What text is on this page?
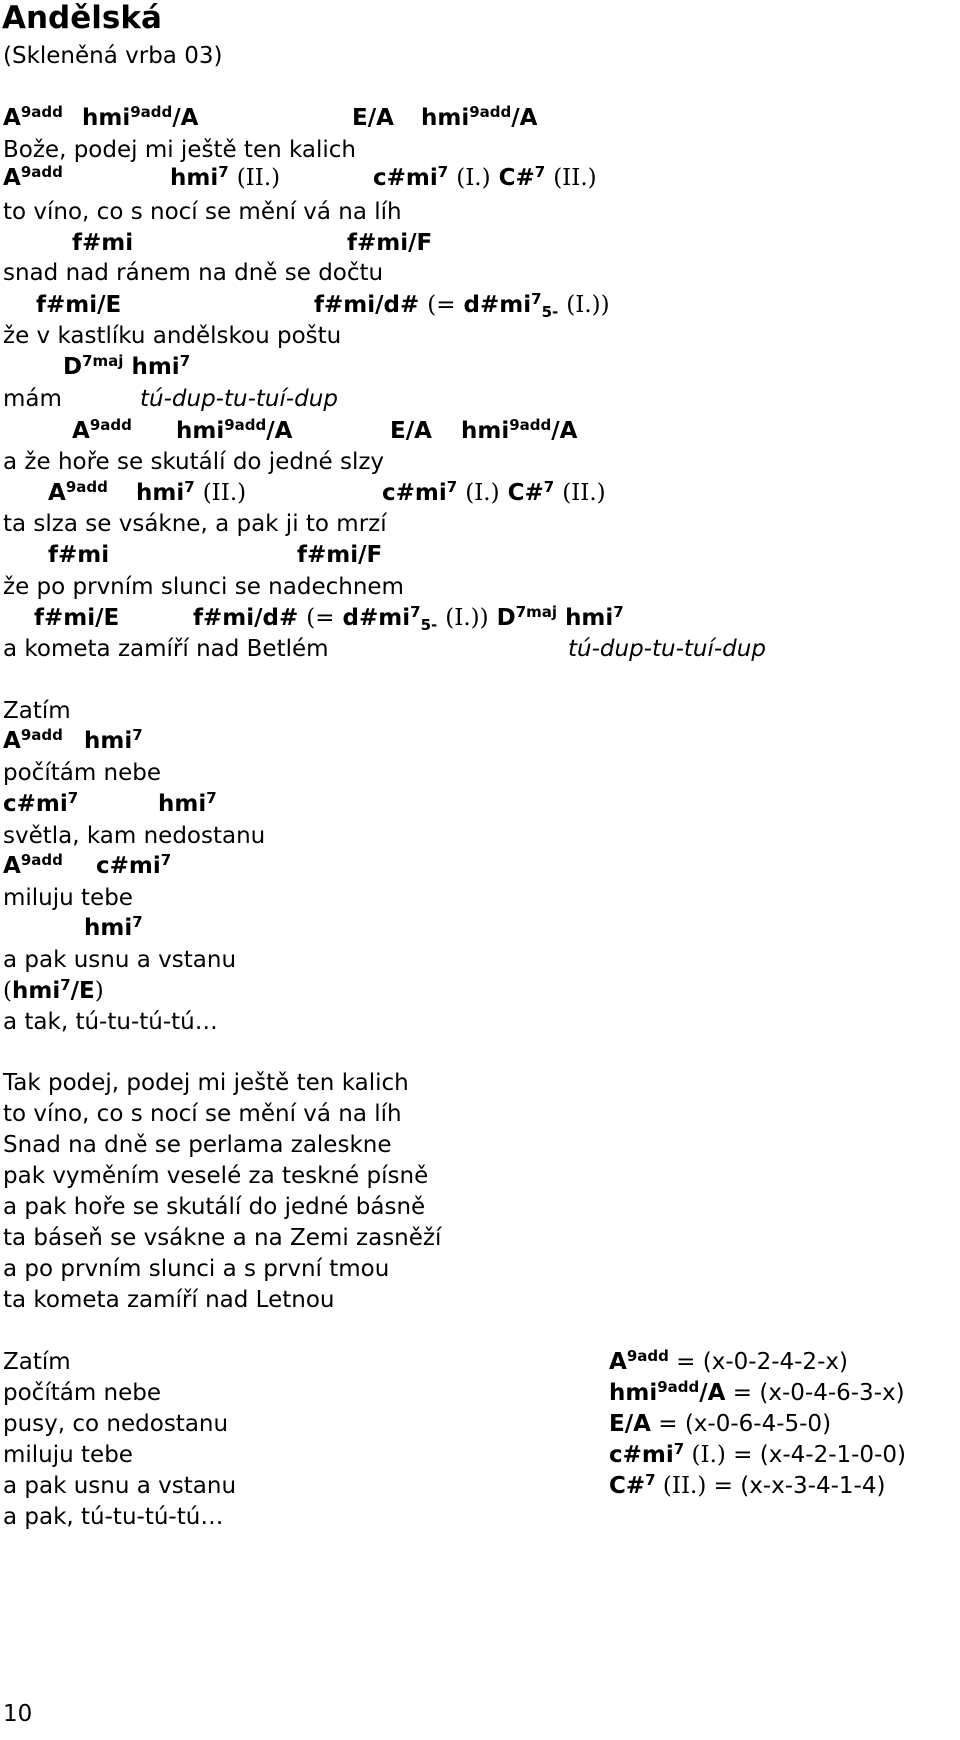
Andělská
(Skleněná vrba 03)
$A^{9add}$ hmi$^{9add}$/A	E/A hmi$^{9add}$/A
Bože, podej mi ještě ten kalich
$A^{9add}$	hmi$^7$ (II.)	$c\#mi^7$ (I.) C#$^7$ (II.)
to víno, co s nocí se mění vá na líh
f#mi	f#mi/F
snad nad ránem na dně se dočtu
f#mi/E	f#mi/d# (= $d\#mi^7_{5-}$ (I.))
že v kastlíku andělskou poštu
$D^{7maj}$ hmi$^7$
mám	tú-dup-tu-tuí-dup
$A^{9add}$ hmi$^{9add}$/A	E/A hmi$^{9add}$/A
a že hoře se skutálí do jedné slzy
$A^{9add}$ hmi$^7$ (II.)	$c\#mi^7$ (I.) C#$^7$ (II.)
ta slza se vsákne, a pak ji to mrzí
f#mi	f#mi/F
že po prvním slunci se nadechnem
f#mi/E	f#mi/d# (= $d\#mi^7_{5-}$ (I.)) $D^{7maj}$ hmi$^7$
a kometa zamíří nad Betlém	tú-dup-tu-tuí-dup
Zatím
$A^{9add}$ hmi$^7$
počítám nebe
$c\#mi^7$	hmi$^7$
světla, kam nedostanu
$A^{9add}$ $c\#mi^7$
miluju tebe
hmi$^7$
a pak usnu a vstanu
(hmi$^7$/E)
a tak, tú-tu-tú-tú…
Tak podej, podej mi ještě ten kalich
to víno, co s nocí se mění vá na líh
Snad na dně se perlama zaleskne
pak vyměním veselé za teskné písně
a pak hoře se skutálí do jedné básně
ta báseň se vsákne a na Zemi zasněží
a po prvním slunci a s první tmou
ta kometa zamíří nad Letnou
Zatím
počítám nebe
pusy, co nedostanu
miluju tebe
a pak usnu a vstanu
a pak, tú-tu-tú-tú…
$A^{9add} = (x-0-2-4-2-x)$
hmi$^{9add}$/A = (x-0-4-6-3-x)
E/A = (x-0-6-4-5-0)
$c\#mi^7$ (I.) = (x-4-2-1-0-0)
C#$^7$ (II.) = (x-x-3-4-1-4)
10
